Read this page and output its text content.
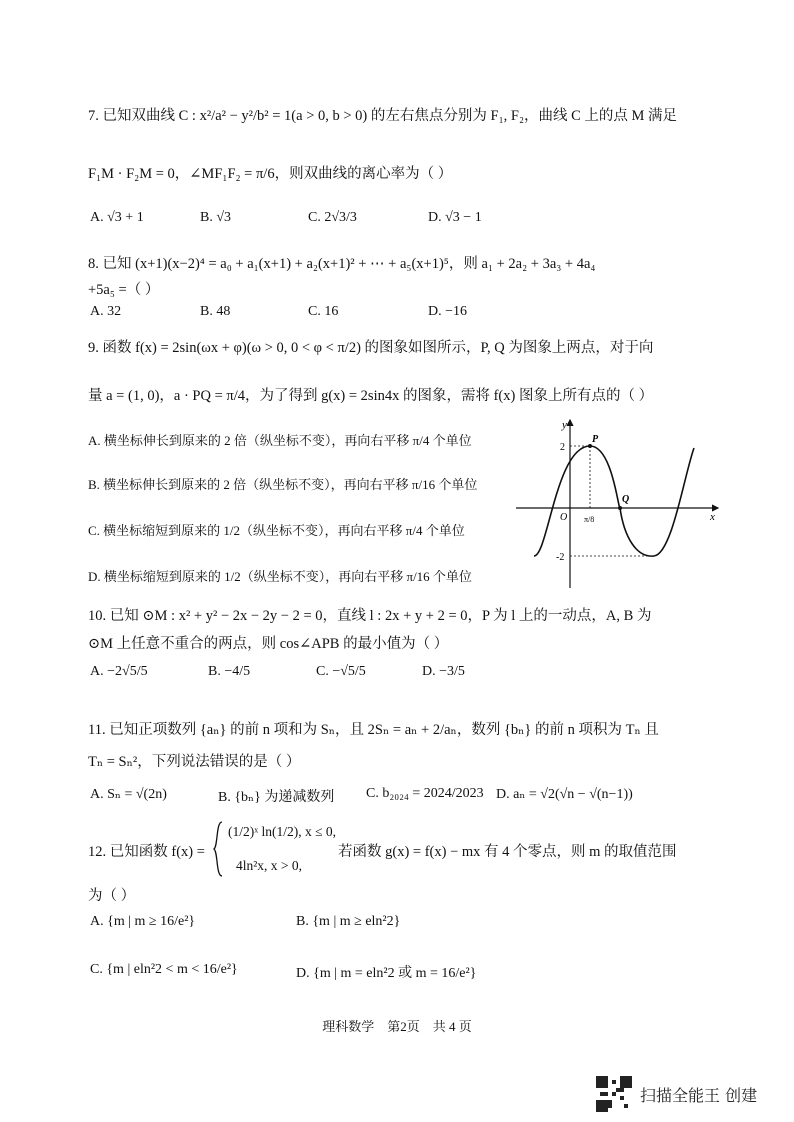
7. 已知双曲线 C : x²/a² − y²/b² = 1(a > 0, b > 0) 的左右焦点分别为 F₁, F₂，曲线 C 上的点 M 满足
F₁M · F₂M = 0，∠MF₁F₂ = π/6，则双曲线的离心率为（ ）
A. √3 + 1	B. √3	C. 2√3/3	D. √3 − 1
8. 已知 (x+1)(x−2)⁴ = a₀ + a₁(x+1) + a₂(x+1)² + ⋯ + a₅(x+1)⁵，则 a₁ + 2a₂ + 3a₃ + 4a₄
+5a₅ =（ ）
A. 32	B. 48	C. 16	D. −16
9. 函数 f(x) = 2sin(ωx + φ)(ω > 0, 0 < φ < π/2) 的图象如图所示，P, Q 为图象上两点，对于向
量 a = (1, 0)，a · PQ = π/4，为了得到 g(x) = 2sin4x 的图象，需将 f(x) 图象上所有点的（ ）
A. 横坐标伸长到原来的 2 倍（纵坐标不变），再向右平移 π/4 个单位
B. 横坐标伸长到原来的 2 倍（纵坐标不变），再向右平移 π/16 个单位
C. 横坐标缩短到原来的 1/2（纵坐标不变），再向右平移 π/4 个单位
D. 横坐标缩短到原来的 1/2（纵坐标不变），再向右平移 π/16 个单位
y
x
O
P
Q
2
-2
π/8
10. 已知 ⊙M : x² + y² − 2x − 2y − 2 = 0，直线 l : 2x + y + 2 = 0，P 为 l 上的一动点，A, B 为
⊙M 上任意不重合的两点，则 cos∠APB 的最小值为（ ）
A. −2√5/5	B. −4/5	C. −√5/5	D. −3/5
11. 已知正项数列 {aₙ} 的前 n 项和为 Sₙ，且 2Sₙ = aₙ + 2/aₙ，数列 {bₙ} 的前 n 项积为 Tₙ 且
Tₙ = Sₙ²，下列说法错误的是（ ）
A. Sₙ = √(2n)	B. {bₙ} 为递减数列 C. b₂₀₂₄ = 2024/2023 D. aₙ = √2(√n − √(n−1))
12. 已知函数 f(x) =
(1/2)ˣ ln(1/2), x ≤ 0,
4ln²x, x > 0,
若函数 g(x) = f(x) − mx 有 4 个零点，则 m 的取值范围
为（ ）
A. {m | m ≥ 16/e²}	B. {m | m ≥ eln²2}
C. {m | eln²2 < m < 16/e²}	D. {m | m = eln²2 或 m = 16/e²}
理科数学　第2页　共 4 页
扫描全能王 创建
